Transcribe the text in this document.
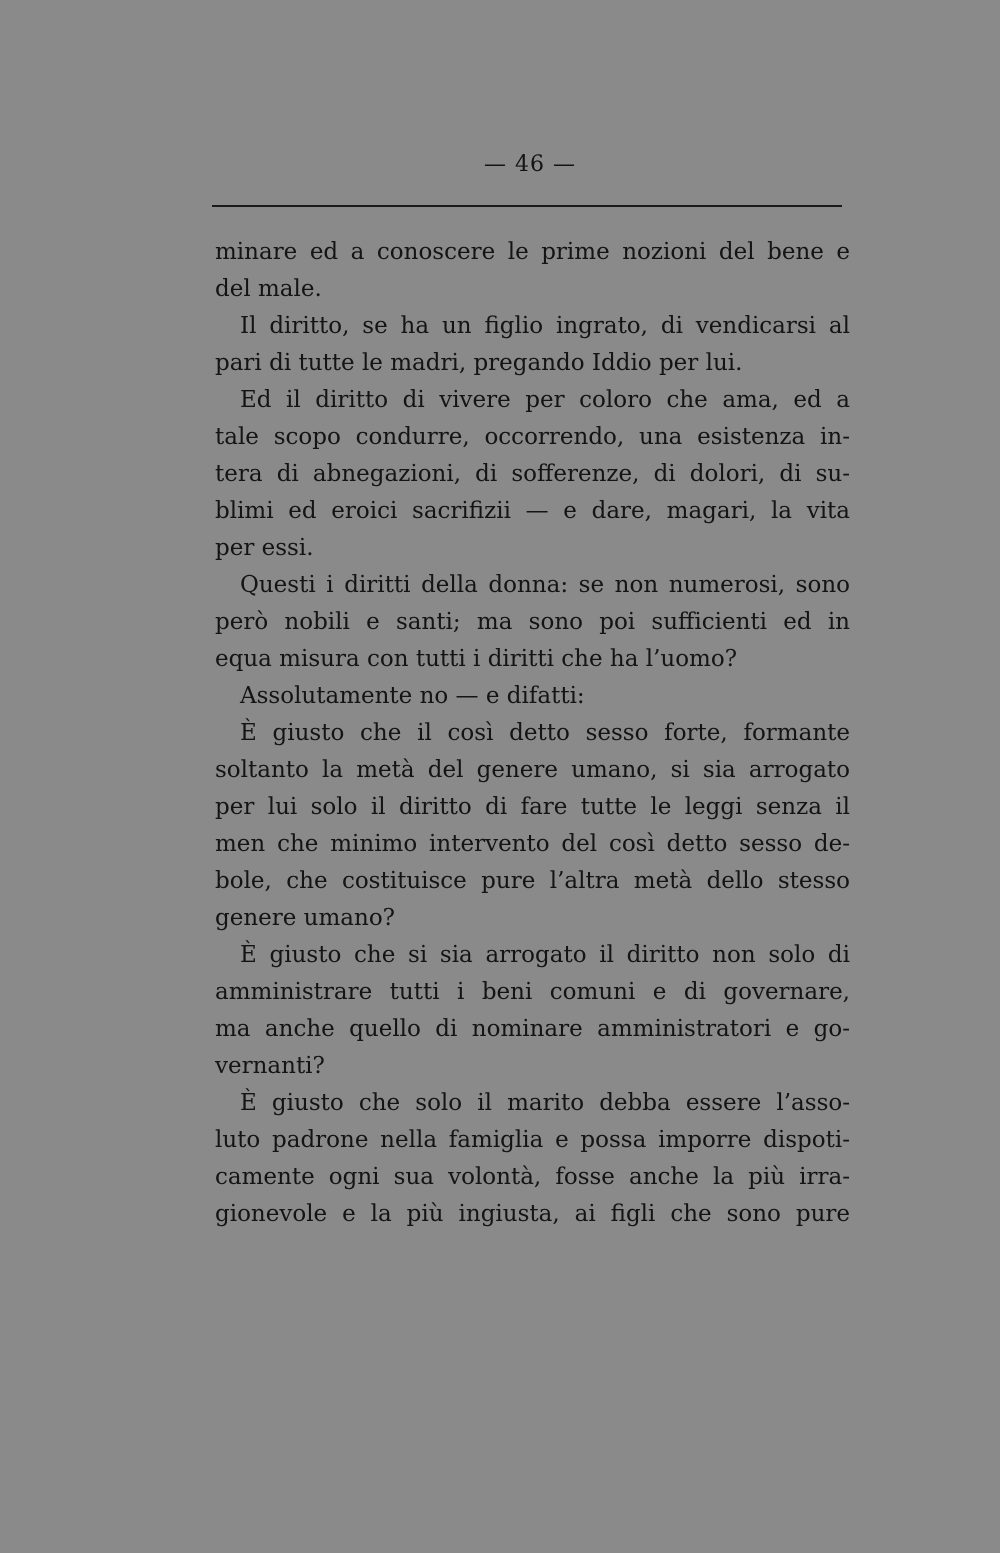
— 46 —
minare ed a conoscere le prime nozioni del bene e
del male.
Il diritto, se ha un figlio ingrato, di vendicarsi al
pari di tutte le madri, pregando Iddio per lui.
Ed il diritto di vivere per coloro che ama, ed a
tale scopo condurre, occorrendo, una esistenza in-
tera di abnegazioni, di sofferenze, di dolori, di su-
blimi ed eroici sacrifizii — e dare, magari, la vita
per essi.
Questi i diritti della donna: se non numerosi, sono
però nobili e santi; ma sono poi sufficienti ed in
equa misura con tutti i diritti che ha l’uomo?
Assolutamente no — e difatti:
È giusto che il così detto sesso forte, formante
soltanto la metà del genere umano, si sia arrogato
per lui solo il diritto di fare tutte le leggi senza il
men che minimo intervento del così detto sesso de-
bole, che costituisce pure l’altra metà dello stesso
genere umano?
È giusto che si sia arrogato il diritto non solo di
amministrare tutti i beni comuni e di governare,
ma anche quello di nominare amministratori e go-
vernanti?
È giusto che solo il marito debba essere l’asso-
luto padrone nella famiglia e possa imporre dispoti-
camente ogni sua volontà, fosse anche la più irra-
gionevole e la più ingiusta, ai figli che sono pure
